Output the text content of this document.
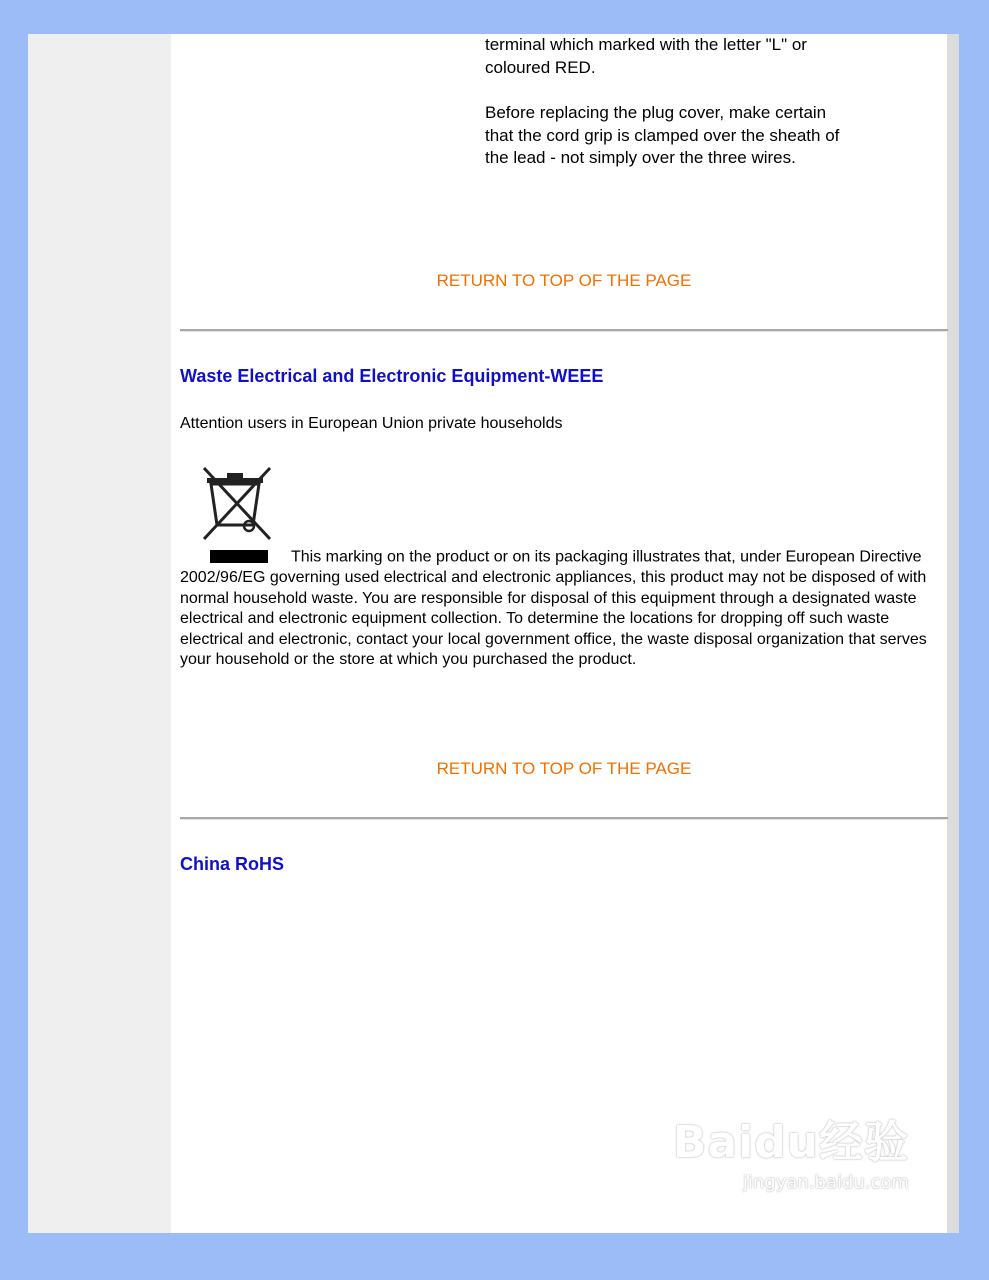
terminal which marked with the letter "L" or
coloured RED.

Before replacing the plug cover, make certain
that the cord grip is clamped over the sheath of
the lead - not simply over the three wires.

RETURN TO TOP OF THE PAGE
Waste Electrical and Electronic Equipment-WEEE

Attention users in European Union private households

This marking on the product or on its packaging illustrates that, under European Directive 2002/96/EG governing used electrical and electronic appliances, this product may not be disposed of with normal household waste. You are responsible for disposal of this equipment through a designated waste electrical and electronic equipment collection. To determine the locations for dropping off such waste electrical and electronic, contact your local government office, the waste disposal organization that serves your household or the store at which you purchased the product.
RETURN TO TOP OF THE PAGE
China RoHS
Baidu经验
jingyan.baidu.com
